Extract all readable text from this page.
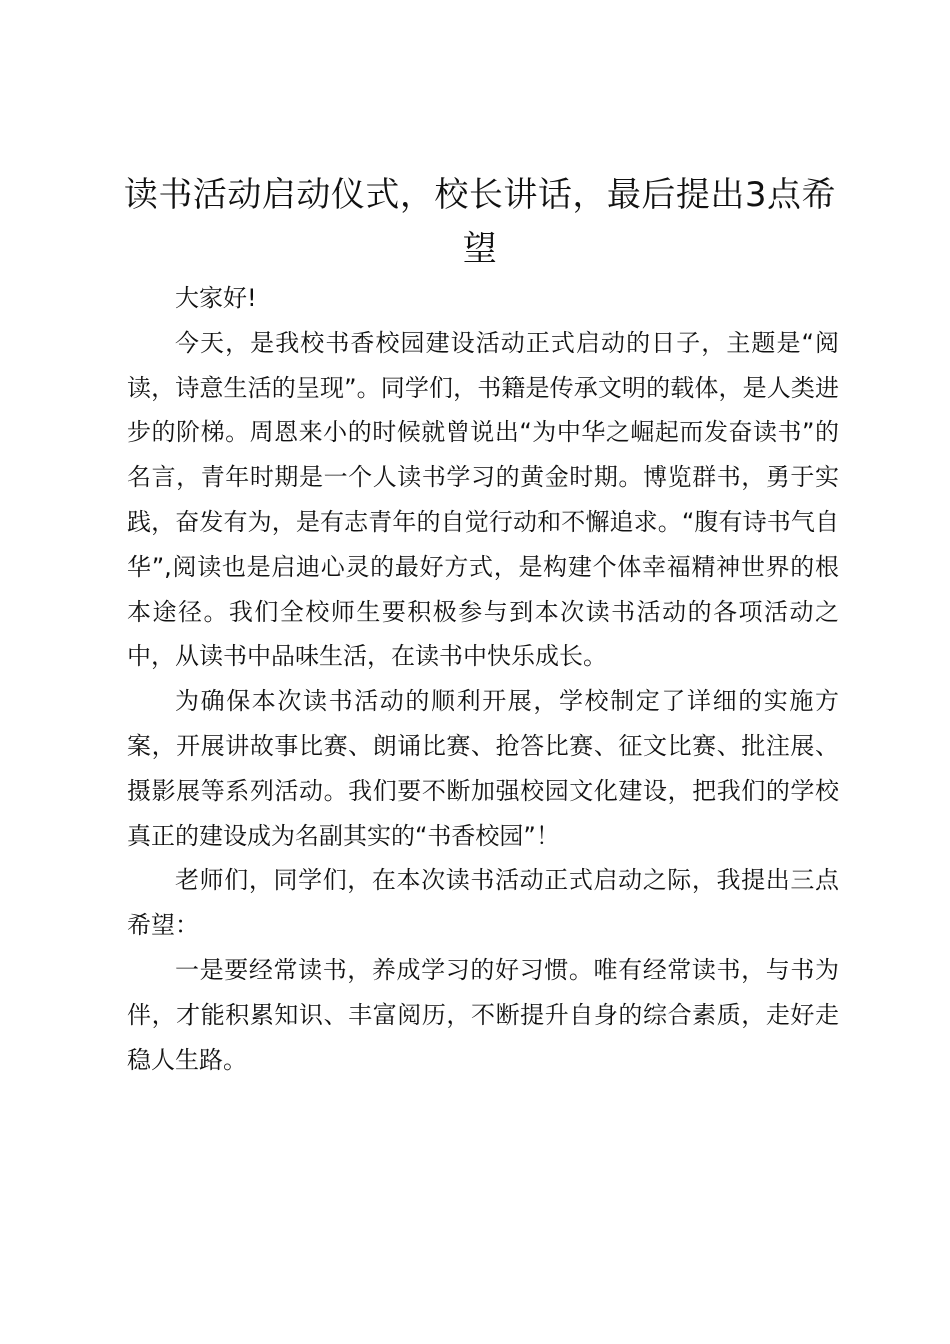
读书活动启动仪式，校长讲话，最后提出3点希望

大家好!

今天，是我校书香校园建设活动正式启动的日子，主题是“阅读，诗意生活的呈现”。同学们，书籍是传承文明的载体，是人类进步的阶梯。周恩来小的时候就曾说出“为中华之崛起而发奋读书”的名言，青年时期是一个人读书学习的黄金时期。博览群书，勇于实践，奋发有为，是有志青年的自觉行动和不懈追求。“腹有诗书气自华”,阅读也是启迪心灵的最好方式，是构建个体幸福精神世界的根本途径。我们全校师生要积极参与到本次读书活动的各项活动之中，从读书中品味生活，在读书中快乐成长。

为确保本次读书活动的顺利开展，学校制定了详细的实施方案，开展讲故事比赛、朗诵比赛、抢答比赛、征文比赛、批注展、摄影展等系列活动。我们要不断加强校园文化建设，把我们的学校真正的建设成为名副其实的“书香校园”！

老师们，同学们，在本次读书活动正式启动之际，我提出三点希望：

一是要经常读书，养成学习的好习惯。唯有经常读书，与书为伴，才能积累知识、丰富阅历，不断提升自身的综合素质，走好走稳人生路。
